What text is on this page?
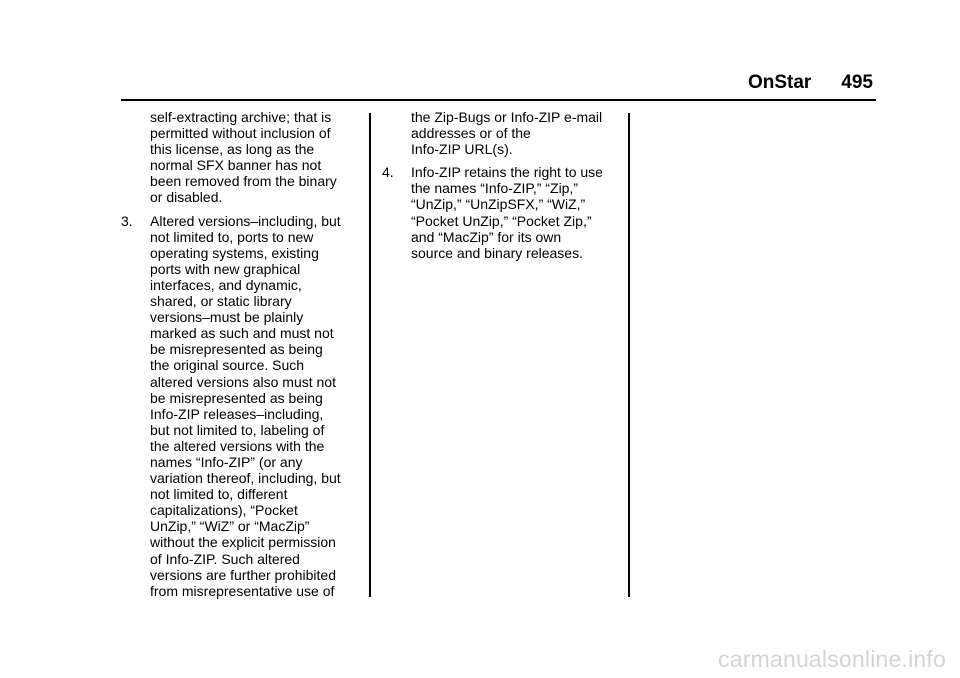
OnStar 495
self-extracting archive; that is
permitted without inclusion of
this license, as long as the
normal SFX banner has not
been removed from the binary
or disabled.
3.	Altered versions–including, but
not limited to, ports to new
operating systems, existing
ports with new graphical
interfaces, and dynamic,
shared, or static library
versions–must be plainly
marked as such and must not
be misrepresented as being
the original source. Such
altered versions also must not
be misrepresented as being
Info-ZIP releases–including,
but not limited to, labeling of
the altered versions with the
names “Info-ZIP” (or any
variation thereof, including, but
not limited to, different
capitalizations), “Pocket
UnZip,” “WiZ” or “MacZip”
without the explicit permission
of Info-ZIP. Such altered
versions are further prohibited
from misrepresentative use of
the Zip-Bugs or Info-ZIP e-mail
addresses or of the
Info-ZIP URL(s).
4.	Info-ZIP retains the right to use
the names “Info-ZIP,” “Zip,”
“UnZip,” “UnZipSFX,” “WiZ,”
“Pocket UnZip,” “Pocket Zip,”
and “MacZip” for its own
source and binary releases.
carmanualsonline.info
